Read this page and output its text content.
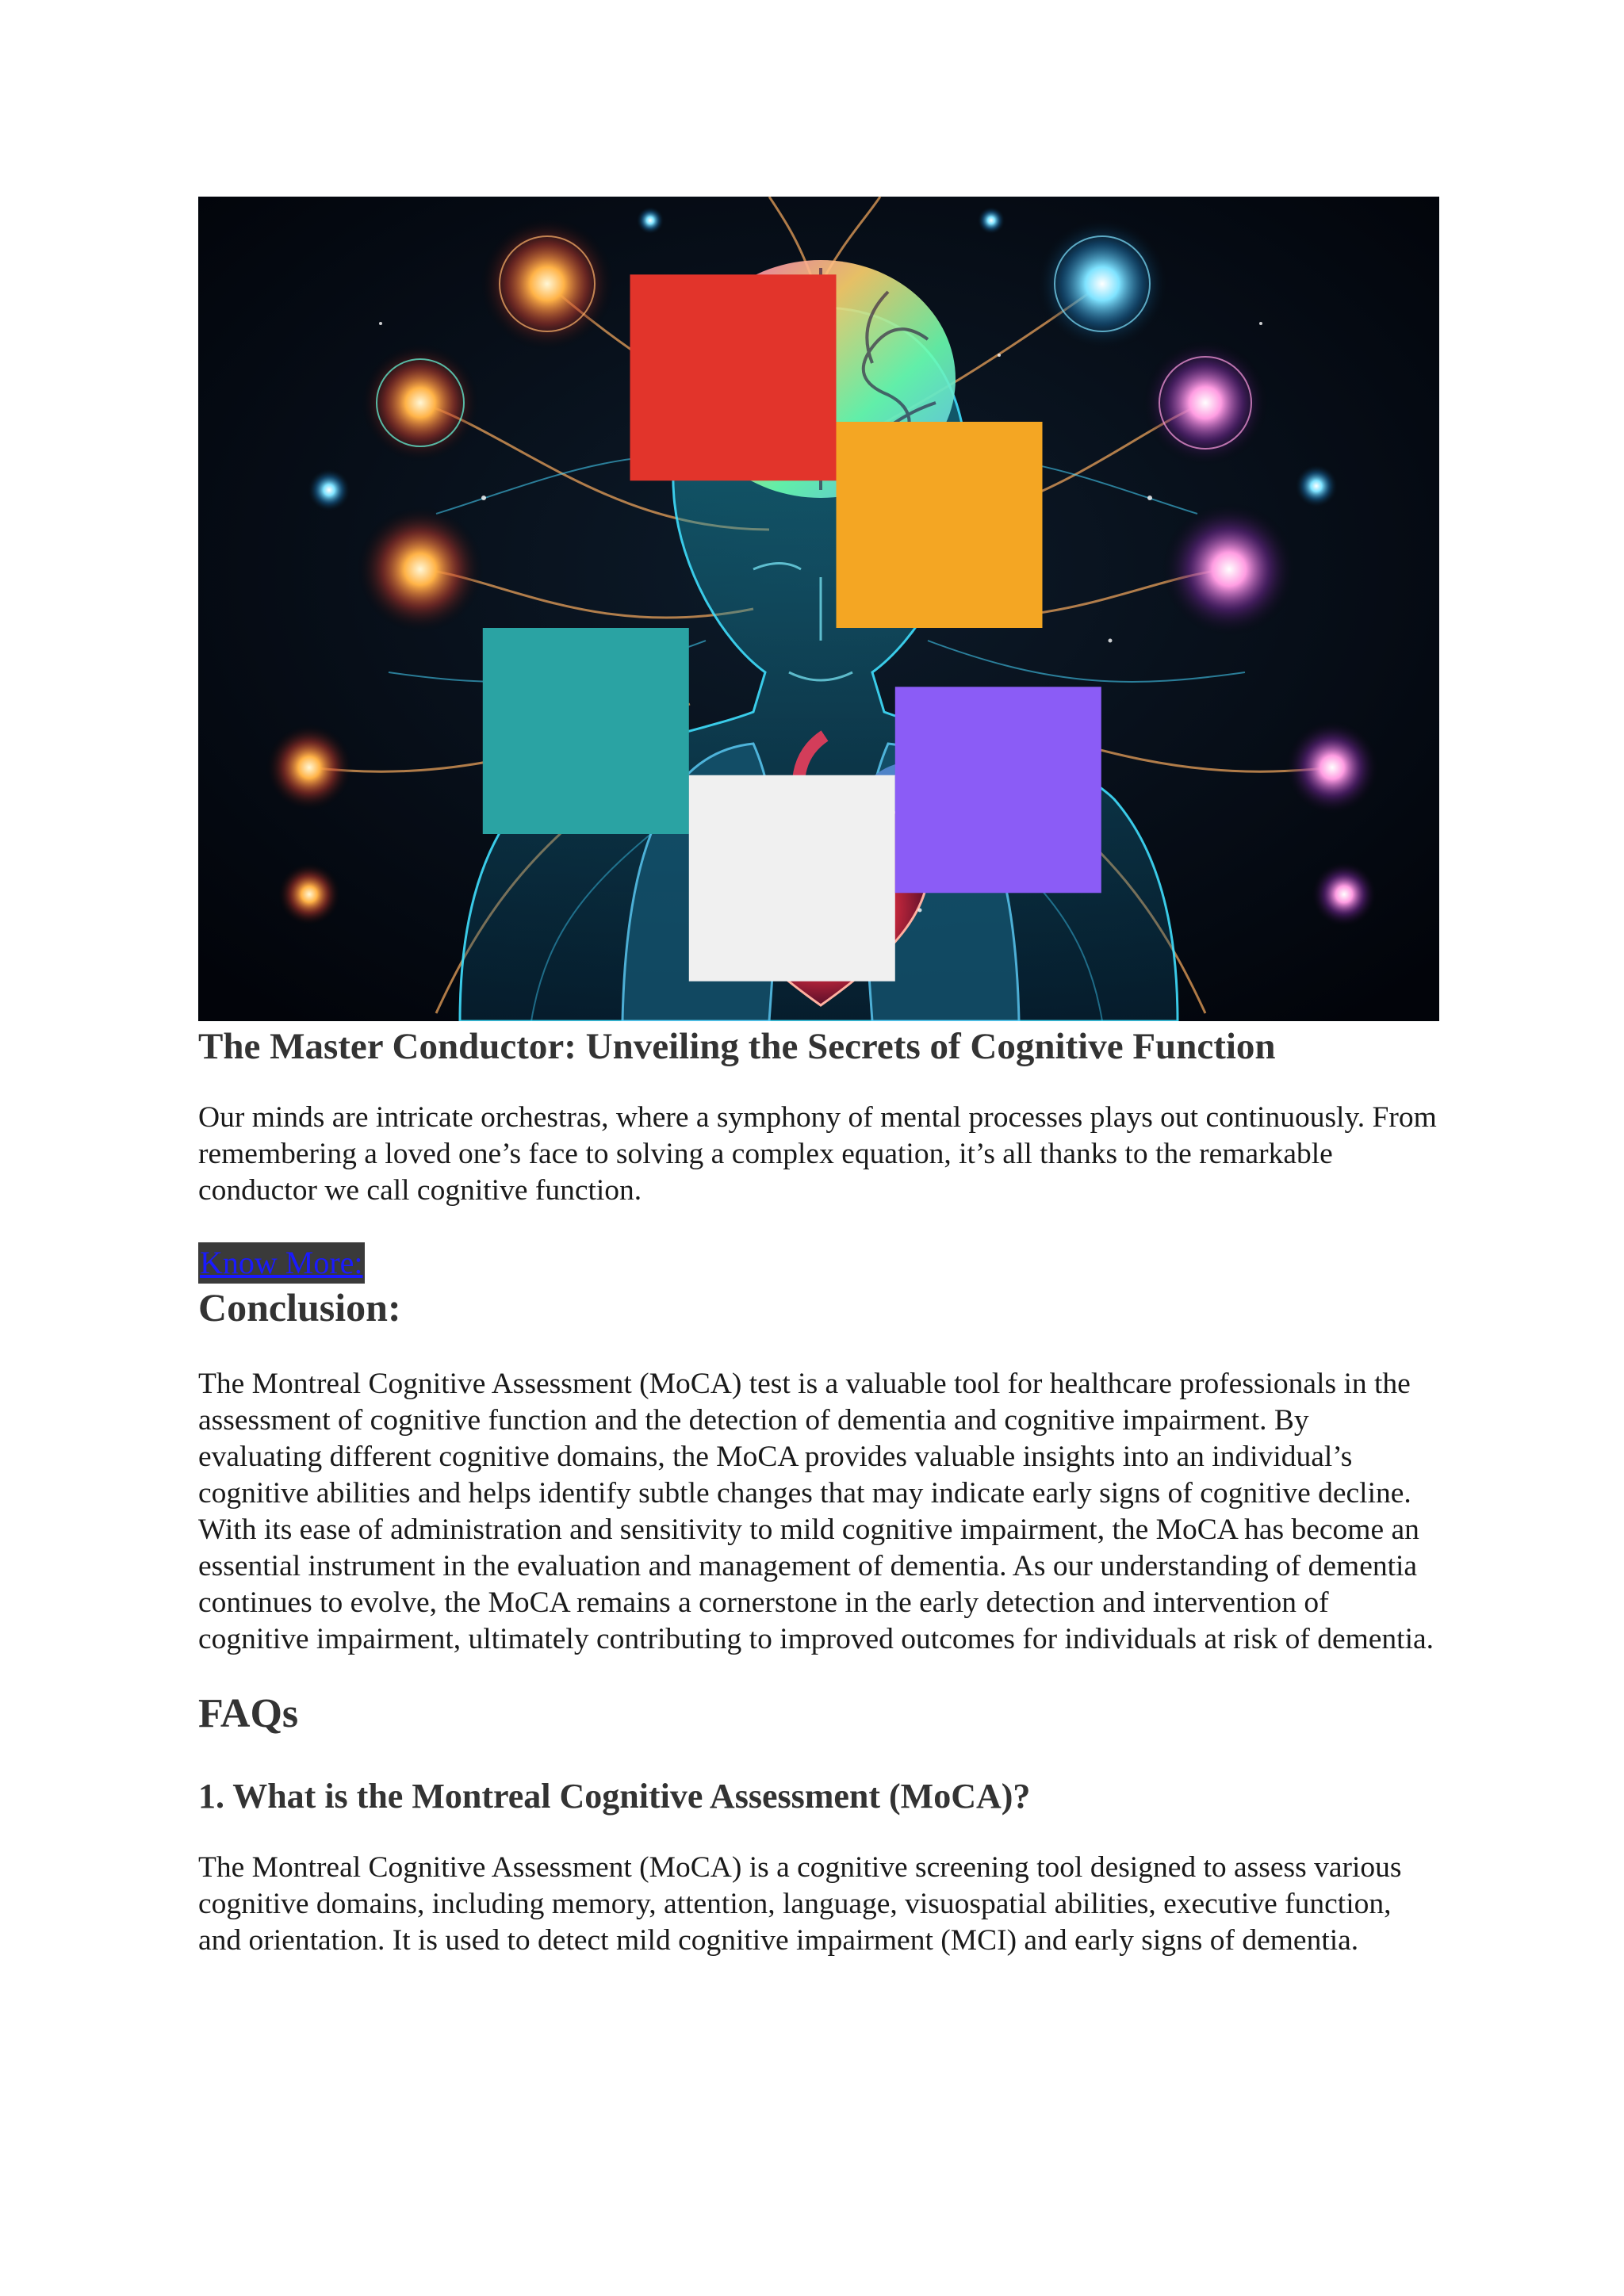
The Master Conductor: Unveiling the Secrets of Cognitive Function

Our minds are intricate orchestras, where a symphony of mental processes plays out continuously. From remembering a loved one’s face to solving a complex equation, it’s all thanks to the remarkable conductor we call cognitive function.

Know More:
Conclusion:

The Montreal Cognitive Assessment (MoCA) test is a valuable tool for healthcare professionals in the assessment of cognitive function and the detection of dementia and cognitive impairment. By evaluating different cognitive domains, the MoCA provides valuable insights into an individual’s cognitive abilities and helps identify subtle changes that may indicate early signs of cognitive decline. With its ease of administration and sensitivity to mild cognitive impairment, the MoCA has become an essential instrument in the evaluation and management of dementia. As our understanding of dementia continues to evolve, the MoCA remains a cornerstone in the early detection and intervention of cognitive impairment, ultimately contributing to improved outcomes for individuals at risk of dementia.

FAQs
1. What is the Montreal Cognitive Assessment (MoCA)?

The Montreal Cognitive Assessment (MoCA) is a cognitive screening tool designed to assess various cognitive domains, including memory, attention, language, visuospatial abilities, executive function, and orientation. It is used to detect mild cognitive impairment (MCI) and early signs of dementia.
